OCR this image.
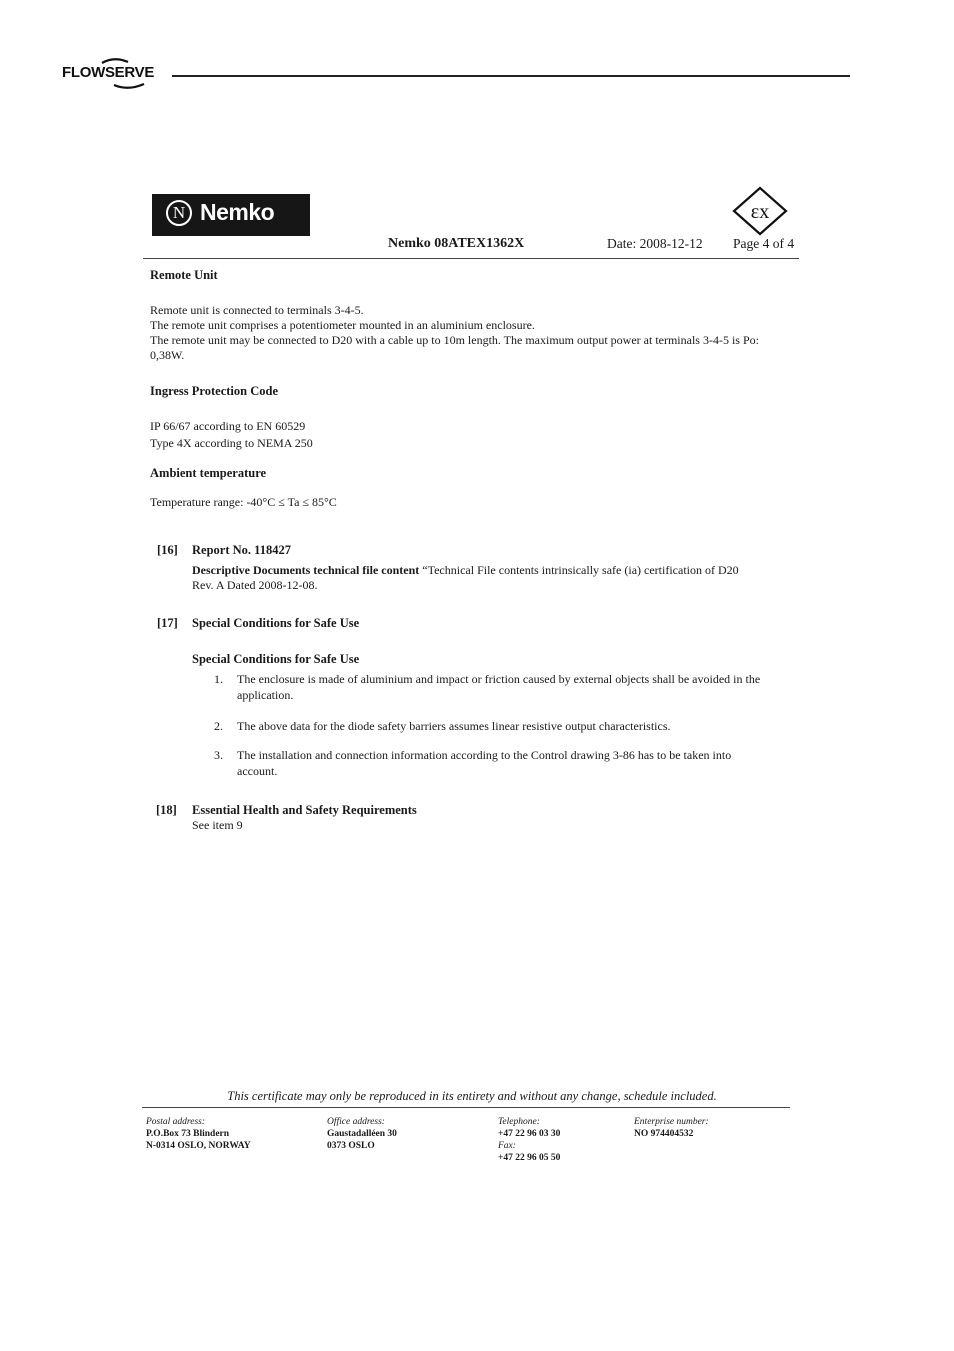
FLOWSERVE
N Nemko	εx
Nemko 08ATEX1362X	Date: 2008-12-12 Page 4 of 4
Remote Unit
Remote unit is connected to terminals 3-4-5.
The remote unit comprises a potentiometer mounted in an aluminium enclosure.
The remote unit may be connected to D20 with a cable up to 10m length. The maximum output power at terminals 3-4-5 is Po:
0,38W.
Ingress Protection Code
IP 66/67 according to EN 60529
Type 4X according to NEMA 250
Ambient temperature
Temperature range: -40°C ≤ Ta ≤ 85°C
[16] Report No. 118427
Descriptive Documents technical file content “Technical File contents intrinsically safe (ia) certification of D20
Rev. A Dated 2008-12-08.
[17] Special Conditions for Safe Use
Special Conditions for Safe Use
1. The enclosure is made of aluminium and impact or friction caused by external objects shall be avoided in the
application.
2. The above data for the diode safety barriers assumes linear resistive output characteristics.
3. The installation and connection information according to the Control drawing 3-86 has to be taken into
account.
[18] Essential Health and Safety Requirements
See item 9
This certificate may only be reproduced in its entirety and without any change, schedule included.
Postal address:
P.O.Box 73 Blindern
N-0314 OSLO, NORWAY
Office address:
Gaustadalléen 30
0373 OSLO
Telephone:
+47 22 96 03 30
Fax:
+47 22 96 05 50
Enterprise number:
NO 974404532
